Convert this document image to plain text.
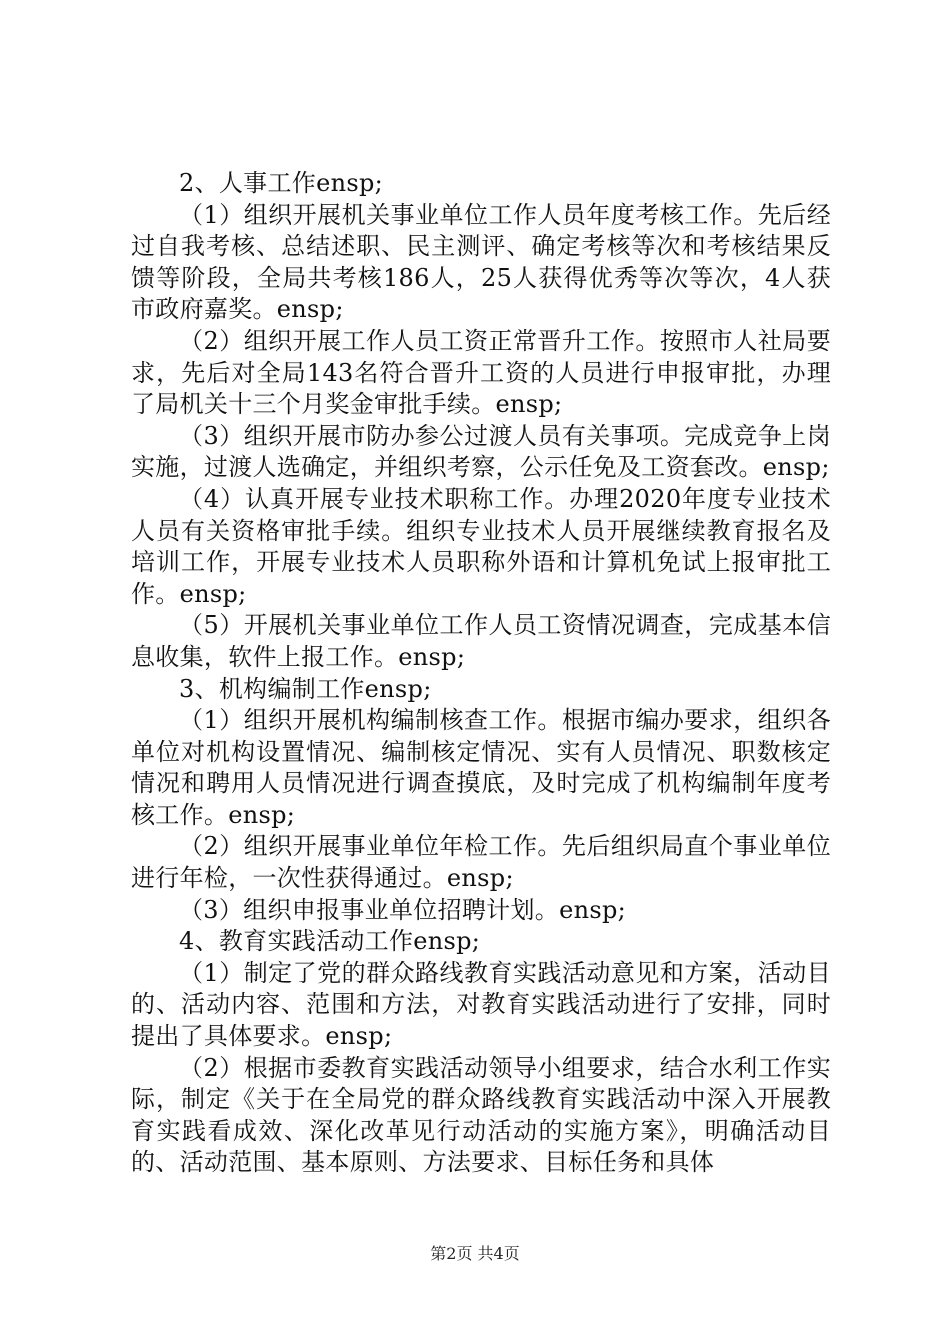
2、人事工作ensp;

（1）组织开展机关事业单位工作人员年度考核工作。先后经过自我考核、总结述职、民主测评、确定考核等次和考核结果反馈等阶段，全局共考核186人，25人获得优秀等次等次，4人获市政府嘉奖。ensp;

（2）组织开展工作人员工资正常晋升工作。按照市人社局要求，先后对全局143名符合晋升工资的人员进行申报审批，办理了局机关十三个月奖金审批手续。ensp;

（3）组织开展市防办参公过渡人员有关事项。完成竞争上岗实施，过渡人选确定，并组织考察，公示任免及工资套改。ensp;

（4）认真开展专业技术职称工作。办理2020年度专业技术人员有关资格审批手续。组织专业技术人员开展继续教育报名及培训工作，开展专业技术人员职称外语和计算机免试上报审批工作。ensp;

（5）开展机关事业单位工作人员工资情况调查，完成基本信息收集，软件上报工作。ensp;

3、机构编制工作ensp;

（1）组织开展机构编制核查工作。根据市编办要求，组织各单位对机构设置情况、编制核定情况、实有人员情况、职数核定情况和聘用人员情况进行调查摸底，及时完成了机构编制年度考核工作。ensp;

（2）组织开展事业单位年检工作。先后组织局直个事业单位进行年检，一次性获得通过。ensp;

（3）组织申报事业单位招聘计划。ensp;

4、教育实践活动工作ensp;

（1）制定了党的群众路线教育实践活动意见和方案，活动目的、活动内容、范围和方法，对教育实践活动进行了安排，同时提出了具体要求。ensp;

（2）根据市委教育实践活动领导小组要求，结合水利工作实际，制定《关于在全局党的群众路线教育实践活动中深入开展教育实践看成效、深化改革见行动活动的实施方案》，明确活动目的、活动范围、基本原则、方法要求、目标任务和具体

第2页 共4页
